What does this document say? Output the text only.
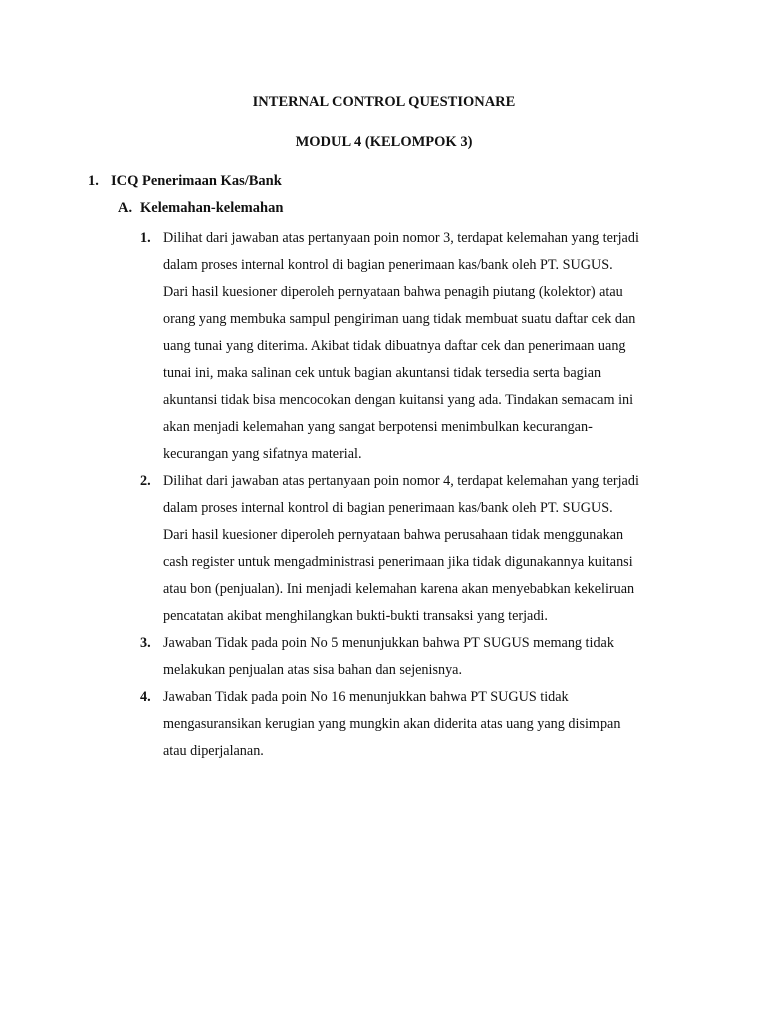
INTERNAL CONTROL QUESTIONARE
MODUL 4 (KELOMPOK 3)
1. ICQ Penerimaan Kas/Bank
A. Kelemahan-kelemahan
1. Dilihat dari jawaban atas pertanyaan poin nomor 3, terdapat kelemahan yang terjadi
dalam proses internal kontrol di bagian penerimaan kas/bank oleh PT. SUGUS.
Dari hasil kuesioner diperoleh pernyataan bahwa penagih piutang (kolektor) atau
orang yang membuka sampul pengiriman uang tidak membuat suatu daftar cek dan
uang tunai yang diterima. Akibat tidak dibuatnya daftar cek dan penerimaan uang
tunai ini, maka salinan cek untuk bagian akuntansi tidak tersedia serta bagian
akuntansi tidak bisa mencocokan dengan kuitansi yang ada. Tindakan semacam ini
akan menjadi kelemahan yang sangat berpotensi menimbulkan kecurangan-
kecurangan yang sifatnya material.
2. Dilihat dari jawaban atas pertanyaan poin nomor 4, terdapat kelemahan yang terjadi
dalam proses internal kontrol di bagian penerimaan kas/bank oleh PT. SUGUS.
Dari hasil kuesioner diperoleh pernyataan bahwa perusahaan tidak menggunakan
cash register untuk mengadministrasi penerimaan jika tidak digunakannya kuitansi
atau bon (penjualan). Ini menjadi kelemahan karena akan menyebabkan kekeliruan
pencatatan akibat menghilangkan bukti-bukti transaksi yang terjadi.
3. Jawaban Tidak pada poin No 5 menunjukkan bahwa PT SUGUS memang tidak
melakukan penjualan atas sisa bahan dan sejenisnya.
4. Jawaban Tidak pada poin No 16 menunjukkan bahwa PT SUGUS tidak
mengasuransikan kerugian yang mungkin akan diderita atas uang yang disimpan
atau diperjalanan.
